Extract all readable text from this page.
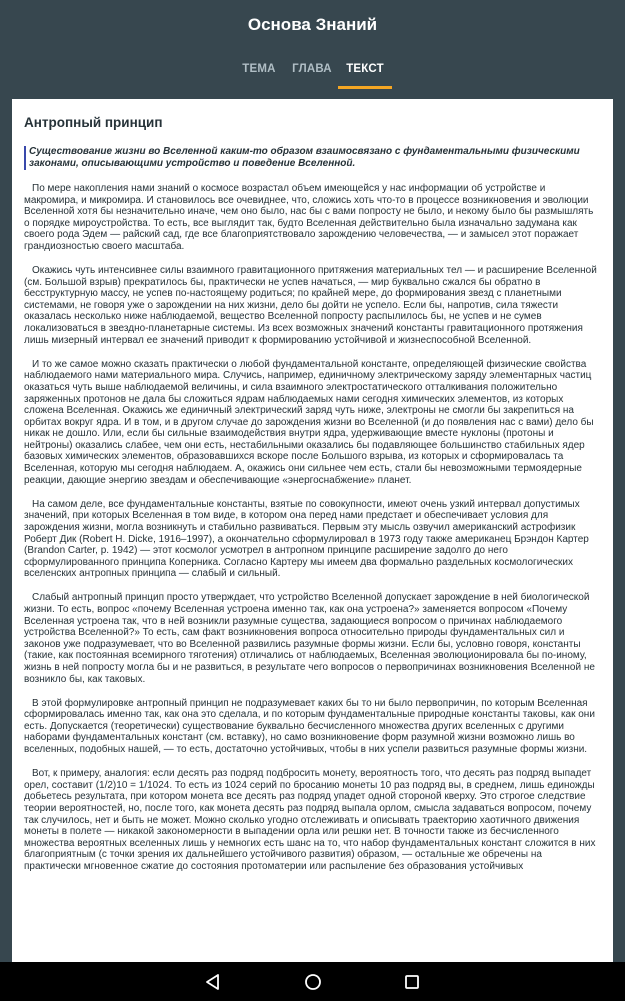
Основа Знаний
ТЕМА	ГЛАВА	ТЕКСТ
Антропный принцип
Существование жизни во Вселенной каким-то образом взаимосвязано с фундаментальными физическими законами, описывающими устройство и поведение Вселенной.

По мере накопления нами знаний о космосе возрастал объем имеющейся у нас информации об устройстве и макромира, и микромира. И становилось все очевиднее, что, сложись хоть что-то в процессе возникновения и эволюции Вселенной хотя бы незначительно иначе, чем оно было, нас бы с вами попросту не было, и некому было бы размышлять о порядке мироустройства. То есть, все выглядит так, будто Вселенная действительно была изначально задумана как своего рода Эдем — райский сад, где все благоприятствовало зарождению человечества, — и замысел этот поражает грандиозностью своего масштаба.

Окажись чуть интенсивнее силы взаимного гравитационного притяжения материальных тел — и расширение Вселенной (см. Большой взрыв) прекратилось бы, практически не успев начаться, — мир буквально сжался бы обратно в бесструктурную массу, не успев по-настоящему родиться; по крайней мере, до формирования звезд с планетными системами, не говоря уже о зарождении на них жизни, дело бы дойти не успело. Если бы, напротив, сила тяжести оказалась несколько ниже наблюдаемой, вещество Вселенной попросту распылилось бы, не успев и не сумев локализоваться в звездно-планетарные системы. Из всех возможных значений константы гравитационного протяжения лишь мизерный интервал ее значений приводит к формированию устойчивой и жизнеспособной Вселенной.

И то же самое можно сказать практически о любой фундаментальной константе, определяющей физические свойства наблюдаемого нами материального мира. Случись, например, единичному электрическому заряду элементарных частиц оказаться чуть выше наблюдаемой величины, и сила взаимного электростатического отталкивания положительно заряженных протонов не дала бы сложиться ядрам наблюдаемых нами сегодня химических элементов, из которых сложена Вселенная. Окажись же единичный электрический заряд чуть ниже, электроны не смогли бы закрепиться на орбитах вокруг ядра. И в том, и в другом случае до зарождения жизни во Вселенной (и до появления нас с вами) дело бы никак не дошло. Или, если бы сильные взаимодействия внутри ядра, удерживающие вместе нуклоны (протоны и нейтроны) оказались слабее, чем они есть, нестабильными оказались бы подавляющее большинство стабильных ядер базовых химических элементов, образовавшихся вскоре после Большого взрыва, из которых и сформировалась та Вселенная, которую мы сегодня наблюдаем. А, окажись они сильнее чем есть, стали бы невозможными термоядерные реакции, дающие энергию звездам и обеспечивающие «энергоснабжение» планет.

На самом деле, все фундаментальные константы, взятые по совокупности, имеют очень узкий интервал допустимых значений, при которых Вселенная в том виде, в котором она перед нами предстает и обеспечивает условия для зарождения жизни, могла возникнуть и стабильно развиваться. Первым эту мысль озвучил американский астрофизик Роберт Дик (Robert H. Dicke, 1916–1997), а окончательно сформулировал в 1973 году также американец Брэндон Картер (Brandon Carter, р. 1942) — этот космолог усмотрел в антропном принципе расширение задолго до него сформулированного принципа Коперника. Согласно Картеру мы имеем два формально раздельных космологических вселенских антропных принципа — слабый и сильный.

Слабый антропный принцип просто утверждает, что устройство Вселенной допускает зарождение в ней биологической жизни. То есть, вопрос «почему Вселенная устроена именно так, как она устроена?» заменяется вопросом «Почему Вселенная устроена так, что в ней возникли разумные существа, задающиеся вопросом о причинах наблюдаемого устройства Вселенной?» То есть, сам факт возникновения вопроса относительно природы фундаментальных сил и законов уже подразумевает, что во Вселенной развились разумные формы жизни. Если бы, условно говоря, константы (такие, как постоянная всемирного тяготения) отличались от наблюдаемых, Вселенная эволюционировала бы по-иному, жизнь в ней попросту могла бы и не развиться, в результате чего вопросов о первопричинах возникновения Вселенной не возникло бы, как таковых.

В этой формулировке антропный принцип не подразумевает каких бы то ни было первопричин, по которым Вселенная сформировалась именно так, как она это сделала, и по которым фундаментальные природные константы таковы, как они есть. Допускается (теоретически) существование буквально бесчисленного множества других вселенных с другими наборами фундаментальных констант (см. вставку), но само возникновение форм разумной жизни возможно лишь во вселенных, подобных нашей, — то есть, достаточно устойчивых, чтобы в них успели развиться разумные формы жизни.

Вот, к примеру, аналогия: если десять раз подряд подбросить монету, вероятность того, что десять раз подряд выпадет орел, составит (1/2)10 = 1/1024. То есть из 1024 серий по бросанию монеты 10 раз подряд вы, в среднем, лишь единожды добьетесь результата, при котором монета все десять раз подряд упадет одной стороной кверху. Это строгое следствие теории вероятностей, но, после того, как монета десять раз подряд выпала орлом, смысла задаваться вопросом, почему так случилось, нет и быть не может. Можно сколько угодно отслеживать и описывать траекторию хаотичного движения монеты в полете — никакой закономерности в выпадении орла или решки нет. В точности также из бесчисленного множества вероятных вселенных лишь у немногих есть шанс на то, что набор фундаментальных констант сложится в них благоприятным (с точки зрения их дальнейшего устойчивого развития) образом, — остальные же обречены на практически мгновенное сжатие до состояния протоматерии или распыление без образования устойчивых
